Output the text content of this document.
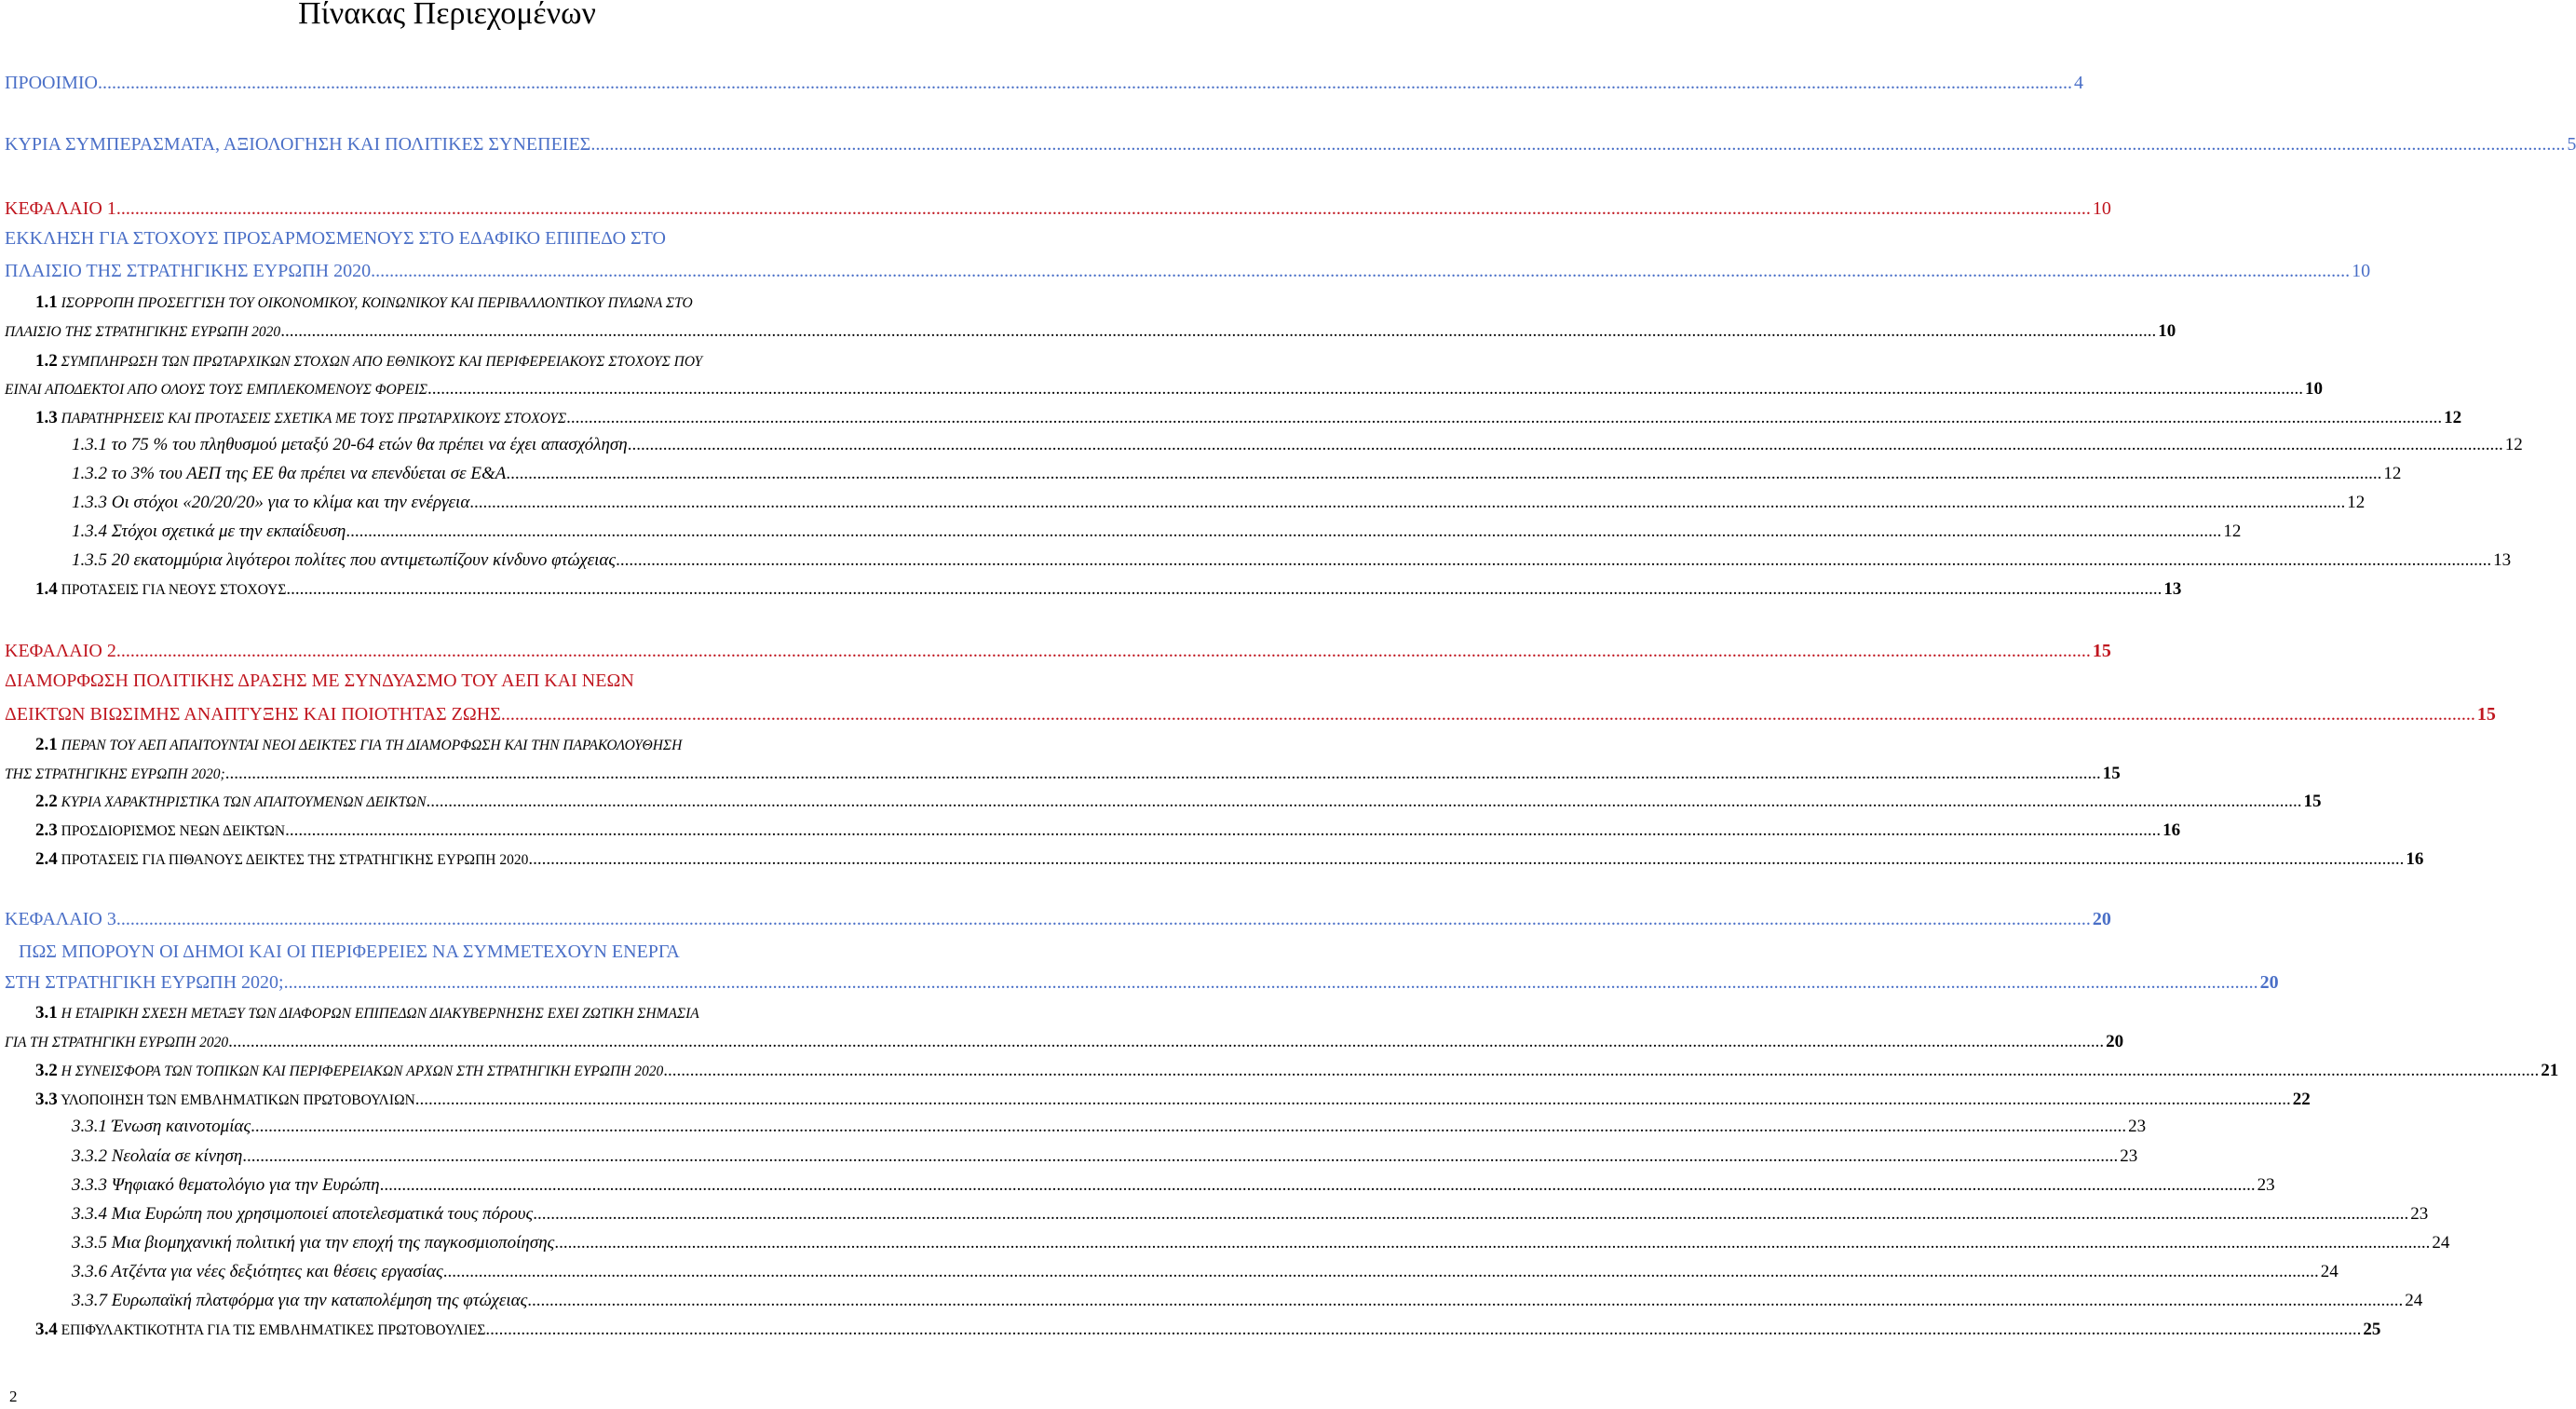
Πίνακας Περιεχομένων
ΠΡΟΟΙΜΙΟ .....	4
ΚΥΡΙΑ ΣΥΜΠΕΡΑΣΜΑΤΑ, ΑΞΙΟΛΟΓΗΣΗ ΚΑΙ ΠΟΛΙΤΙΚΕΣ ΣΥΝΕΠΕΙΕΣ .....	5
ΚΕΦΑΛΑΙΟ 1 .....	10
ΕΚΚΛΗΣΗ ΓΙΑ ΣΤΟΧΟΥΣ ΠΡΟΣΑΡΜΟΣΜΕΝΟΥΣ ΣΤΟ ΕΔΑΦΙΚΟ ΕΠΙΠΕΔΟ ΣΤΟ
ΠΛΑΙΣΙΟ ΤΗΣ ΣΤΡΑΤΗΓΙΚΗΣ ΕΥΡΩΠΗ 2020. .....	10
1.1 ΙΣΟΡΡΟΠΗ ΠΡΟΣΕΓΓΙΣΗ ΤΟΥ ΟΙΚΟΝΟΜΙΚΟΥ, ΚΟΙΝΩΝΙΚΟΥ ΚΑΙ ΠΕΡΙΒΑΛΛΟΝΤΙΚΟΥ ΠΥΛΩΝΑ ΣΤΟ
ΠΛΑΙΣΙΟ ΤΗΣ ΣΤΡΑΤΗΓΙΚΗΣ ΕΥΡΩΠΗ 2020 .....	10
1.2 ΣΥΜΠΛΗΡΩΣΗ ΤΩΝ ΠΡΩΤΑΡΧΙΚΩΝ ΣΤΟΧΩΝ ΑΠΟ ΕΘΝΙΚΟΥΣ ΚΑΙ ΠΕΡΙΦΕΡΕΙΑΚΟΥΣ ΣΤΟΧΟΥΣ ΠΟΥ
ΕΙΝΑΙ ΑΠΟΔΕΚΤΟΙ ΑΠΟ ΟΛΟΥΣ ΤΟΥΣ ΕΜΠΛΕΚΟΜΕΝΟΥΣ ΦΟΡΕΙΣ .....	10
1.3 ΠΑΡΑΤΗΡΗΣΕΙΣ ΚΑΙ ΠΡΟΤΑΣΕΙΣ ΣΧΕΤΙΚΑ ΜΕ ΤΟΥΣ ΠΡΩΤΑΡΧΙΚΟΥΣ ΣΤΟΧΟΥΣ .....	12
1.3.1 το 75 % του πληθυσμού μεταξύ 20-64 ετών θα πρέπει να έχει απασχόληση .....	12
1.3.2 το 3% του ΑΕΠ της ΕΕ θα πρέπει να επενδύεται σε Ε&Α .....	12
1.3.3 Οι στόχοι «20/20/20» για το κλίμα και την ενέργεια .....	12
1.3.4 Στόχοι σχετικά με την εκπαίδευση .....	12
1.3.5 20 εκατομμύρια λιγότεροι πολίτες που αντιμετωπίζουν κίνδυνο φτώχειας .....	13
1.4 ΠΡΟΤΑΣΕΙΣ ΓΙΑ ΝΕΟΥΣ ΣΤΟΧΟΥΣ .....	13
ΚΕΦΑΛΑΙΟ 2 .....	15
ΔΙΑΜΟΡΦΩΣΗ ΠΟΛΙΤΙΚΗΣ ΔΡΑΣΗΣ ΜΕ ΣΥΝΔΥΑΣΜΟ ΤΟΥ ΑΕΠ ΚΑΙ ΝΕΩΝ
ΔΕΙΚΤΩΝ ΒΙΩΣΙΜΗΣ ΑΝΑΠΤΥΞΗΣ ΚΑΙ ΠΟΙΟΤΗΤΑΣ ΖΩΗΣ .....	15
2.1 ΠΕΡΑΝ ΤΟΥ ΑΕΠ ΑΠΑΙΤΟΥΝΤΑΙ ΝΕΟΙ ΔΕΙΚΤΕΣ ΓΙΑ ΤΗ ΔΙΑΜΟΡΦΩΣΗ ΚΑΙ ΤΗΝ ΠΑΡΑΚΟΛΟΥΘΗΣΗ
ΤΗΣ ΣΤΡΑΤΗΓΙΚΗΣ ΕΥΡΩΠΗ 2020; .....	15
2.2 ΚΥΡΙΑ ΧΑΡΑΚΤΗΡΙΣΤΙΚΑ ΤΩΝ ΑΠΑΙΤΟΥΜΕΝΩΝ ΔΕΙΚΤΩΝ .....	15
2.3 ΠΡΟΣΔΙΟΡΙΣΜΟΣ ΝΕΩΝ ΔΕΙΚΤΩΝ .....	16
2.4 ΠΡΟΤΑΣΕΙΣ ΓΙΑ ΠΙΘΑΝΟΥΣ ΔΕΙΚΤΕΣ ΤΗΣ ΣΤΡΑΤΗΓΙΚΗΣ ΕΥΡΩΠΗ 2020 .....	16
ΚΕΦΑΛΑΙΟ 3 .....	20
ΠΩΣ ΜΠΟΡΟΥΝ ΟΙ ΔΗΜΟΙ ΚΑΙ ΟΙ ΠΕΡΙΦΕΡΕΙΕΣ ΝΑ ΣΥΜΜΕΤΕΧΟΥΝ ΕΝΕΡΓΑ
ΣΤΗ ΣΤΡΑΤΗΓΙΚΗ ΕΥΡΩΠΗ 2020; .....	20
3.1 Η ΕΤΑΙΡΙΚΗ ΣΧΕΣΗ ΜΕΤΑΞΥ ΤΩΝ ΔΙΑΦΟΡΩΝ ΕΠΙΠΕΔΩΝ ΔΙΑΚΥΒΕΡΝΗΣΗΣ ΕΧΕΙ ΖΩΤΙΚΗ ΣΗΜΑΣΙΑ
ΓΙΑ ΤΗ ΣΤΡΑΤΗΓΙΚΗ ΕΥΡΩΠΗ 2020 .....	20
3.2 Η ΣΥΝΕΙΣΦΟΡΑ ΤΩΝ ΤΟΠΙΚΩΝ ΚΑΙ ΠΕΡΙΦΕΡΕΙΑΚΩΝ ΑΡΧΩΝ ΣΤΗ ΣΤΡΑΤΗΓΙΚΗ ΕΥΡΩΠΗ 2020 .....	21
3.3 ΥΛΟΠΟΙΗΣΗ ΤΩΝ ΕΜΒΛΗΜΑΤΙΚΩΝ ΠΡΩΤΟΒΟΥΛΙΩΝ .....	22
3.3.1 Ένωση καινοτομίας .....	23
3.3.2 Νεολαία σε κίνηση .....	23
3.3.3 Ψηφιακό θεματολόγιο για την Ευρώπη .....	23
3.3.4 Μια Ευρώπη που χρησιμοποιεί αποτελεσματικά τους πόρους .....	23
3.3.5 Μια βιομηχανική πολιτική για την εποχή της παγκοσμιοποίησης .....	24
3.3.6 Ατζέντα για νέες δεξιότητες και θέσεις εργασίας .....	24
3.3.7 Ευρωπαϊκή πλατφόρμα για την καταπολέμηση της φτώχειας .....	24
3.4 ΕΠΙΦΥΛΑΚΤΙΚΟΤΗΤΑ ΓΙΑ ΤΙΣ ΕΜΒΛΗΜΑΤΙΚΕΣ ΠΡΩΤΟΒΟΥΛΙΕΣ .....	25
2
